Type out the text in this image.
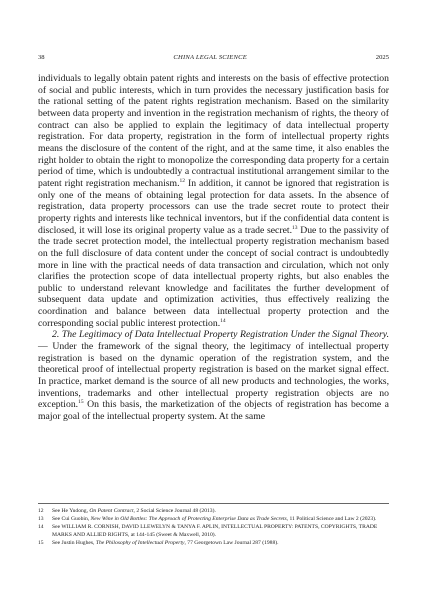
38	CHINA LEGAL SCIENCE	2025

individuals to legally obtain patent rights and interests on the basis of effective protection of social and public interests, which in turn provides the necessary justification basis for the rational setting of the patent rights registration mechanism. Based on the similarity between data property and invention in the registration mechanism of rights, the theory of contract can also be applied to explain the legitimacy of data intellectual property registration. For data property, registration in the form of intellectual property rights means the disclosure of the content of the right, and at the same time, it also enables the right holder to obtain the right to monopolize the corresponding data property for a certain period of time, which is undoubtedly a contractual institutional arrangement similar to the patent right registration mechanism.$^{12}$ In addition, it cannot be ignored that registration is only one of the means of obtaining legal protection for data assets. In the absence of registration, data property processors can use the trade secret route to protect their property rights and interests like technical inventors, but if the confidential data content is disclosed, it will lose its original property value as a trade secret.$^{13}$ Due to the passivity of the trade secret protection model, the intellectual property registration mechanism based on the full disclosure of data content under the concept of social contract is undoubtedly more in line with the practical needs of data transaction and circulation, which not only clarifies the protection scope of data intellectual property rights, but also enables the public to understand relevant knowledge and facilitates the further development of subsequent data update and optimization activities, thus effectively realizing the coordination and balance between data intellectual property protection and the corresponding social public interest protection.$^{14}$

2. The Legitimacy of Data Intellectual Property Registration Under the Signal Theory. — Under the framework of the signal theory, the legitimacy of intellectual property registration is based on the dynamic operation of the registration system, and the theoretical proof of intellectual property registration is based on the market signal effect. In practice, market demand is the source of all new products and technologies, the works, inventions, trademarks and other intellectual property registration objects are no exception.$^{15}$ On this basis, the marketization of the objects of registration has become a major goal of the intellectual property system. At the same

12	See He Yudong, On Patent Contract, 2 Social Science Journal 48 (2013).
13	See Cui Guobin, New Wine in Old Bottles: The Approach of Protecting Enterprise Data as Trade Secrets, 11 Political Science and Law 2 (2023).
14	See WILLIAM R. CORNISH, DAVID LLEWELYN & TANYA F. APLIN, INTELLECTUAL PROPERTY: PATENTS, COPYRIGHTS, TRADE MARKS AND ALLIED RIGHTS, at 144-145 (Sweet & Maxwell, 2010).
15	See Justin Hughes, The Philosophy of Intellectual Property, 77 Georgetown Law Journal 287 (1988).
